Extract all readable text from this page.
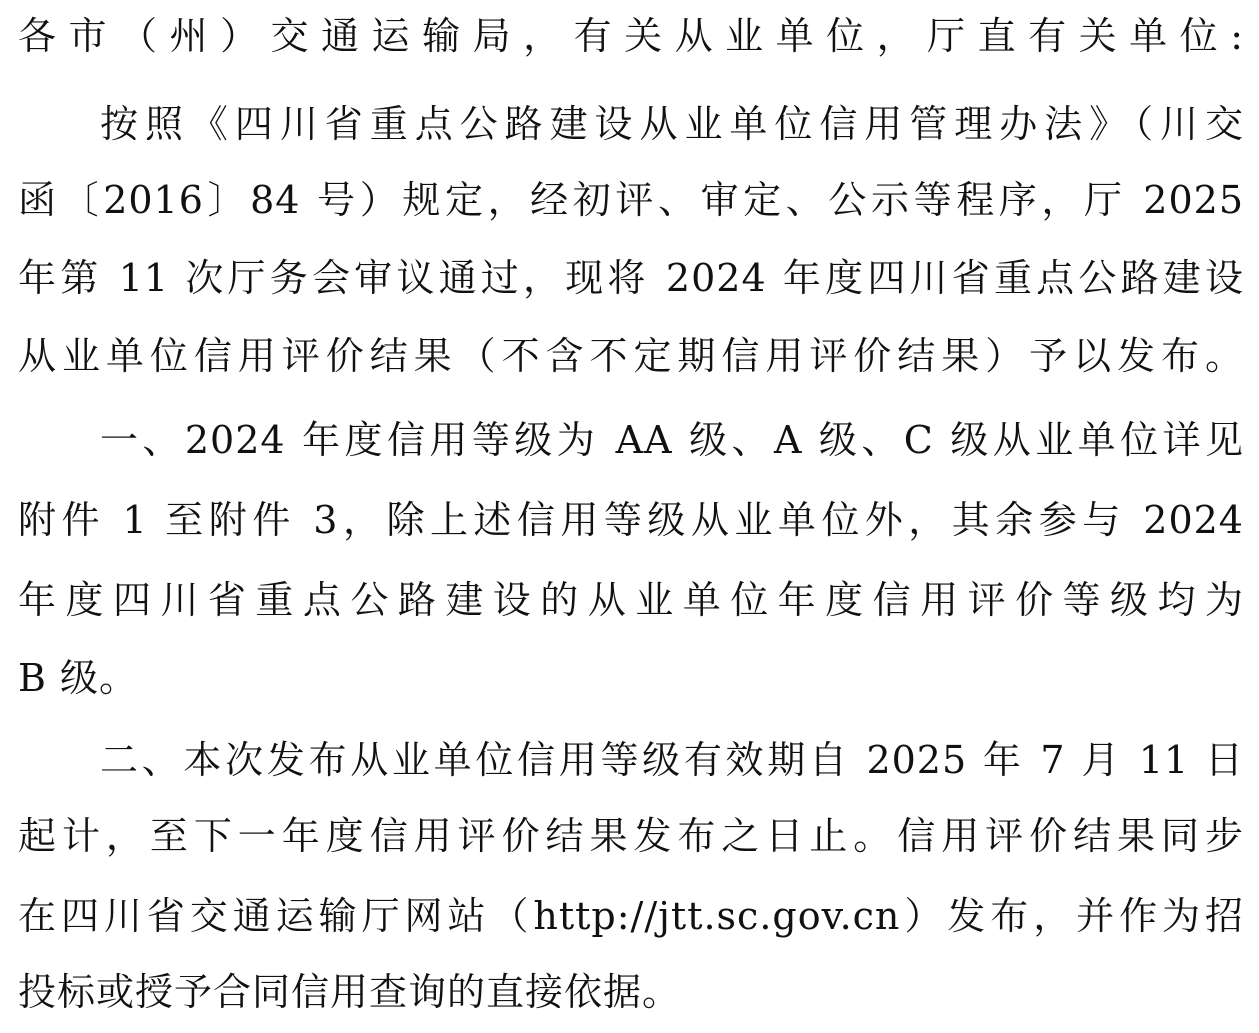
各市（州）交通运输局，有关从业单位，厅直有关单位:
按照《四川省重点公路建设从业单位信用管理办法》（川交
函〔2016〕84 号）规定，经初评、审定、公示等程序，厅 2025
年第 11 次厅务会审议通过，现将 2024 年度四川省重点公路建设
从业单位信用评价结果（不含不定期信用评价结果）予以发布。
一、2024 年度信用等级为 AA 级、A 级、C 级从业单位详见
附件 1 至附件 3，除上述信用等级从业单位外，其余参与 2024
年度四川省重点公路建设的从业单位年度信用评价等级均为
B 级。
二、本次发布从业单位信用等级有效期自 2025 年 7 月 11 日
起计，至下一年度信用评价结果发布之日止。信用评价结果同步
在四川省交通运输厅网站（http://jtt.sc.gov.cn）发布，并作为招
投标或授予合同信用查询的直接依据。
